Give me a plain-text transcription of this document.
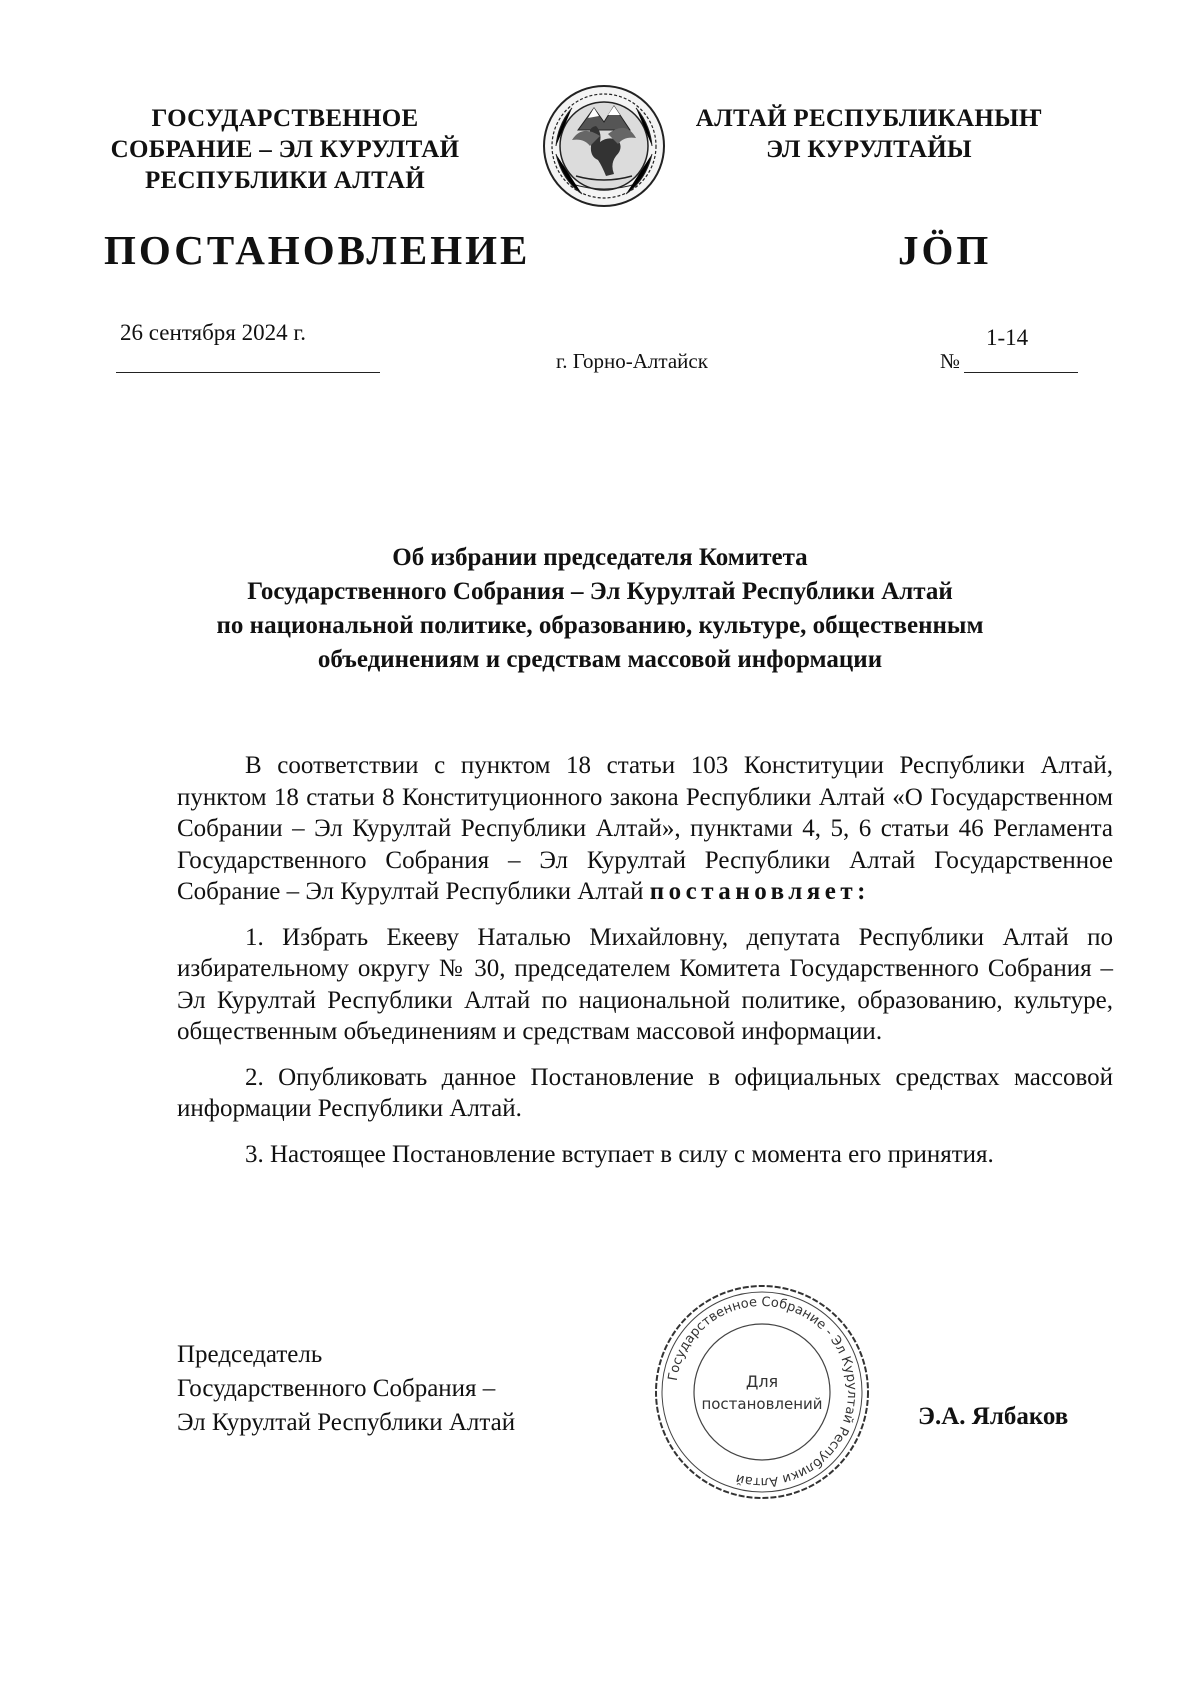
ГОСУДАРСТВЕННОЕ
СОБРАНИЕ – ЭЛ КУРУЛТАЙ
РЕСПУБЛИКИ АЛТАЙ
АЛТАЙ РЕСПУБЛИКАНЫҤ
ЭЛ КУРУЛТАЙЫ
ПОСТАНОВЛЕНИЕ	JӦП
26 сентября 2024 г.
г. Горно-Алтайск
1-14
№
Об избрании председателя Комитета
Государственного Собрания – Эл Курултай Республики Алтай
по национальной политике, образованию, культуре, общественным
объединениям и средствам массовой информации

В соответствии с пунктом 18 статьи 103 Конституции Республики Алтай, пунктом 18 статьи 8 Конституционного закона Республики Алтай «О Государственном Собрании – Эл Курултай Республики Алтай», пунктами 4, 5, 6 статьи 46 Регламента Государственного Собрания – Эл Курултай Республики Алтай Государственное Собрание – Эл Курултай Республики Алтай постановляет:

1. Избрать Екееву Наталью Михайловну, депутата Республики Алтай по избирательному округу № 30, председателем Комитета Государственного Собрания – Эл Курултай Республики Алтай по национальной политике, образованию, культуре, общественным объединениям и средствам массовой информации.

2. Опубликовать данное Постановление в официальных средствах массовой информации Республики Алтай.

3. Настоящее Постановление вступает в силу с момента его принятия.

Председатель
Государственного Собрания –
Эл Курултай Республики Алтай
Государственное Собрание - Эл Курултай Республики Алтай
Для
постановлений	Э.А. Ялбаков
